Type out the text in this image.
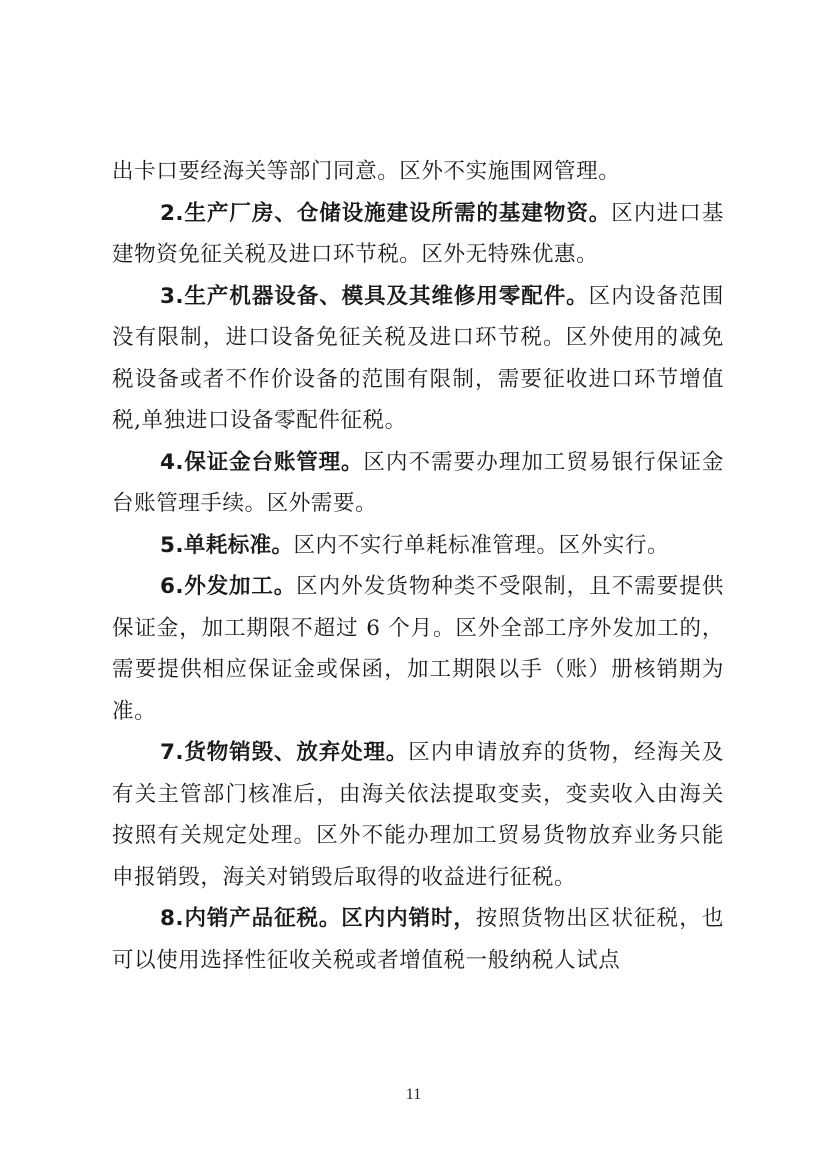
出卡口要经海关等部门同意。区外不实施围网管理。

2.生产厂房、仓储设施建设所需的基建物资。区内进口基建物资免征关税及进口环节税。区外无特殊优惠。

3.生产机器设备、模具及其维修用零配件。区内设备范围没有限制，进口设备免征关税及进口环节税。区外使用的减免税设备或者不作价设备的范围有限制，需要征收进口环节增值税,单独进口设备零配件征税。

4.保证金台账管理。区内不需要办理加工贸易银行保证金台账管理手续。区外需要。

5.单耗标准。区内不实行单耗标准管理。区外实行。

6.外发加工。区内外发货物种类不受限制，且不需要提供保证金，加工期限不超过 6 个月。区外全部工序外发加工的，需要提供相应保证金或保函，加工期限以手（账）册核销期为准。

7.货物销毁、放弃处理。区内申请放弃的货物，经海关及有关主管部门核准后，由海关依法提取变卖，变卖收入由海关按照有关规定处理。区外不能办理加工贸易货物放弃业务只能申报销毁，海关对销毁后取得的收益进行征税。

8.内销产品征税。区内内销时，按照货物出区状征税，也可以使用选择性征收关税或者增值税一般纳税人试点

11
